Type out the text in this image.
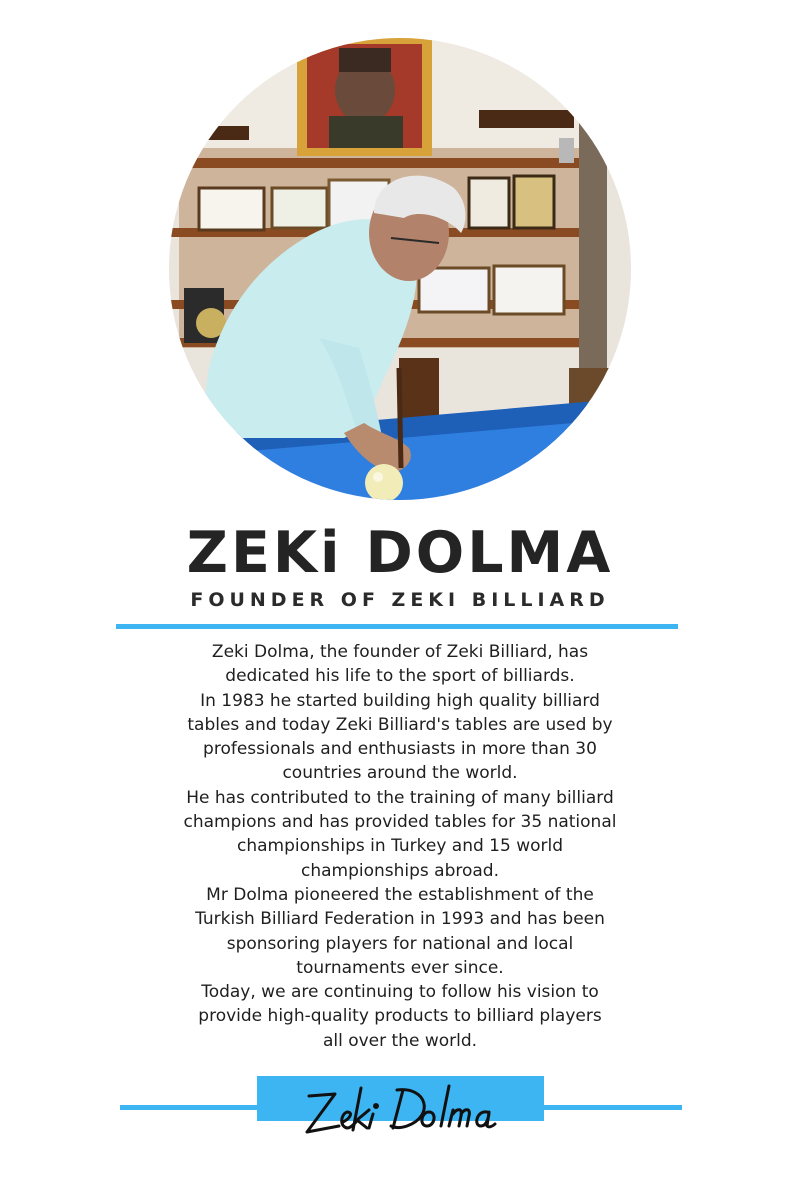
ZEKi DOLMA
FOUNDER OF ZEKI BILLIARD

Zeki Dolma, the founder of Zeki Billiard, has

dedicated his life to the sport of billiards.

In 1983 he started building high quality billiard

tables and today Zeki Billiard's tables are used by

professionals and enthusiasts in more than 30

countries around the world.

He has contributed to the training of many billiard

champions and has provided tables for 35 national

championships in Turkey and 15 world

championships abroad.

Mr Dolma pioneered the establishment of the

Turkish Billiard Federation in 1993 and has been

sponsoring players for national and local

tournaments ever since.

Today, we are continuing to follow his vision to

provide high-quality products to billiard players

all over the world.
